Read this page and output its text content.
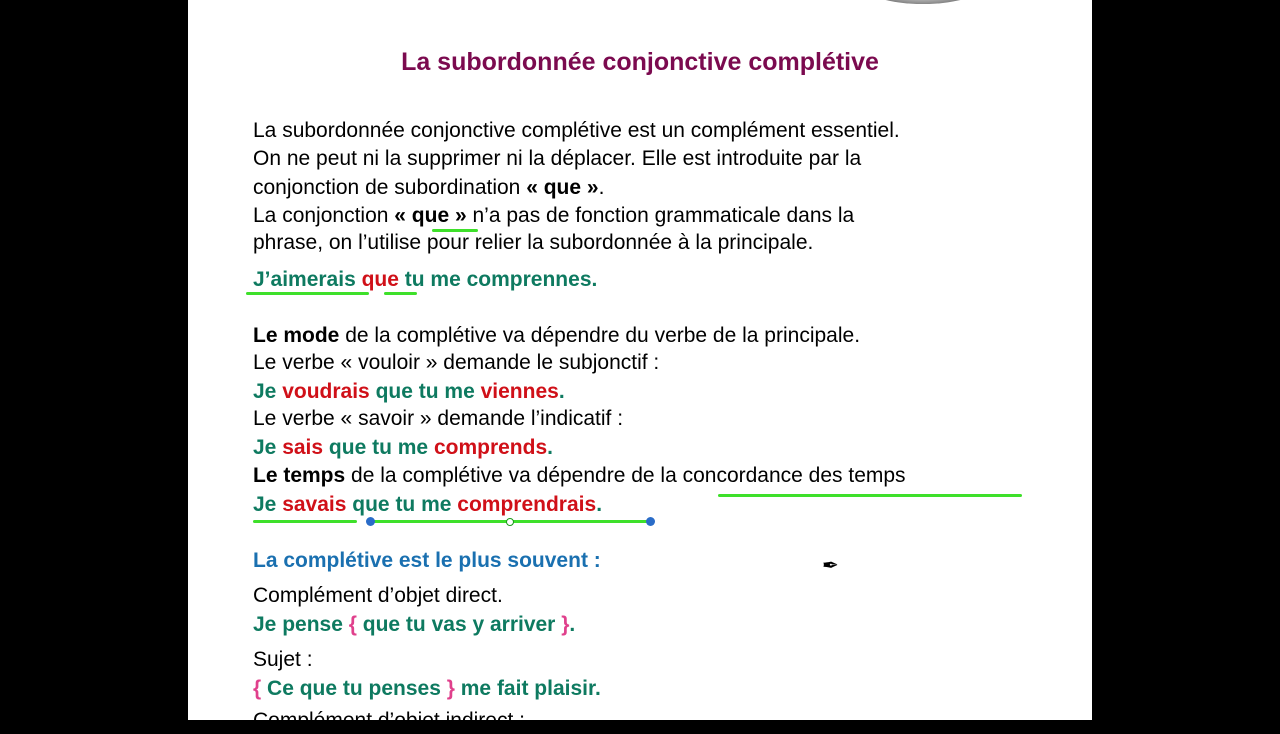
La subordonnée conjonctive complétive
La subordonnée conjonctive complétive est un complément essentiel.
On ne peut ni la supprimer ni la déplacer. Elle est introduite par la
conjonction de subordination « que ».
La conjonction « que » n’a pas de fonction grammaticale dans la
phrase, on l’utilise pour relier la subordonnée à la principale.
J’aimerais que tu me comprennes.
Le mode de la complétive va dépendre du verbe de la principale.
Le verbe « vouloir » demande le subjonctif :
Je voudrais que tu me viennes.
Le verbe « savoir » demande l’indicatif :
Je sais que tu me comprends.
Le temps de la complétive va dépendre de la concordance des temps
Je savais que tu me comprendrais.
La complétive est le plus souvent :	✒
Complément d’objet direct.
Je pense { que tu vas y arriver }.
Sujet :
{ Ce que tu penses } me fait plaisir.
Complément d’objet indirect :
